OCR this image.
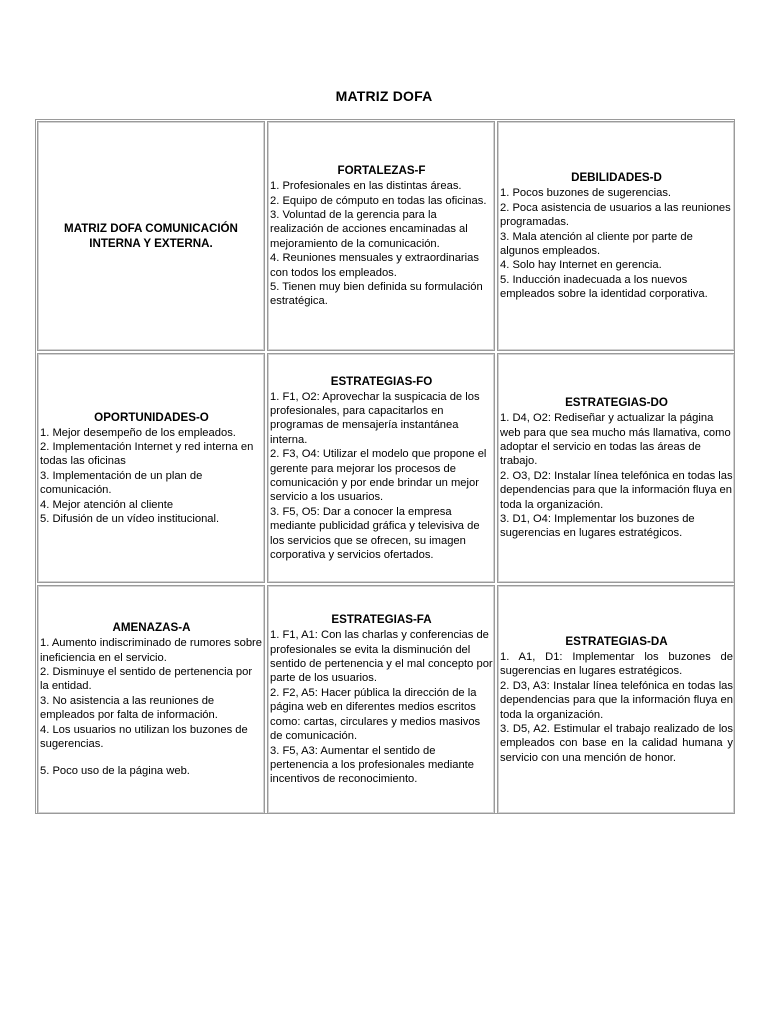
MATRIZ DOFA
MATRIZ DOFA COMUNICACIÓN INTERNA Y EXTERNA.
FORTALEZAS-F
1. Profesionales en las distintas áreas.
2. Equipo de cómputo en todas las oficinas.
3. Voluntad de la gerencia para la realización de acciones encaminadas al mejoramiento de la comunicación.
4. Reuniones mensuales y extraordinarias con todos los empleados.
5. Tienen muy bien definida su formulación estratégica.
DEBILIDADES-D
1. Pocos buzones de sugerencias.
2. Poca asistencia de usuarios a las reuniones programadas.
3. Mala atención al cliente por parte de algunos empleados.
4. Solo hay Internet en gerencia.
5. Inducción inadecuada a los nuevos empleados sobre la identidad corporativa.
OPORTUNIDADES-O
1. Mejor desempeño de los empleados.
2. Implementación Internet y red interna en todas las oficinas
3. Implementación de un plan de comunicación.
4. Mejor atención al cliente
5. Difusión de un vídeo institucional.
ESTRATEGIAS-FO
1. F1, O2: Aprovechar la suspicacia de los profesionales, para capacitarlos en programas de mensajería instantánea interna.
2. F3, O4: Utilizar el modelo que propone el gerente para mejorar los procesos de comunicación y por ende brindar un mejor servicio a los usuarios.
3. F5, O5: Dar a conocer la empresa mediante publicidad gráfica y televisiva de los servicios que se ofrecen, su imagen corporativa y servicios ofertados.
ESTRATEGIAS-DO
1. D4, O2: Rediseñar y actualizar la página web para que sea mucho más llamativa, como adoptar el servicio en todas las áreas de trabajo.
2. O3, D2: Instalar línea telefónica en todas las dependencias para que la información fluya en toda la organización.
3. D1, O4: Implementar los buzones de sugerencias en lugares estratégicos.
AMENAZAS-A
1. Aumento indiscriminado de rumores sobre ineficiencia en el servicio.
2. Disminuye el sentido de pertenencia por la entidad.
3. No asistencia a las reuniones de empleados por falta de información.
4. Los usuarios no utilizan los buzones de sugerencias.
5. Poco uso de la página web.
ESTRATEGIAS-FA
1. F1, A1: Con las charlas y conferencias de profesionales se evita la disminución del sentido de pertenencia y el mal concepto por parte de los usuarios.
2. F2, A5: Hacer pública la dirección de la página web en diferentes medios escritos como: cartas, circulares y medios masivos de comunicación.
3. F5, A3: Aumentar el sentido de pertenencia a los profesionales mediante incentivos de reconocimiento.
ESTRATEGIAS-DA
1. A1, D1: Implementar los buzones de sugerencias en lugares estratégicos.
2. D3, A3: Instalar línea telefónica en todas las dependencias para que la información fluya en toda la organización.
3. D5, A2. Estimular el trabajo realizado de los empleados con base en la calidad humana y servicio con una mención de honor.
